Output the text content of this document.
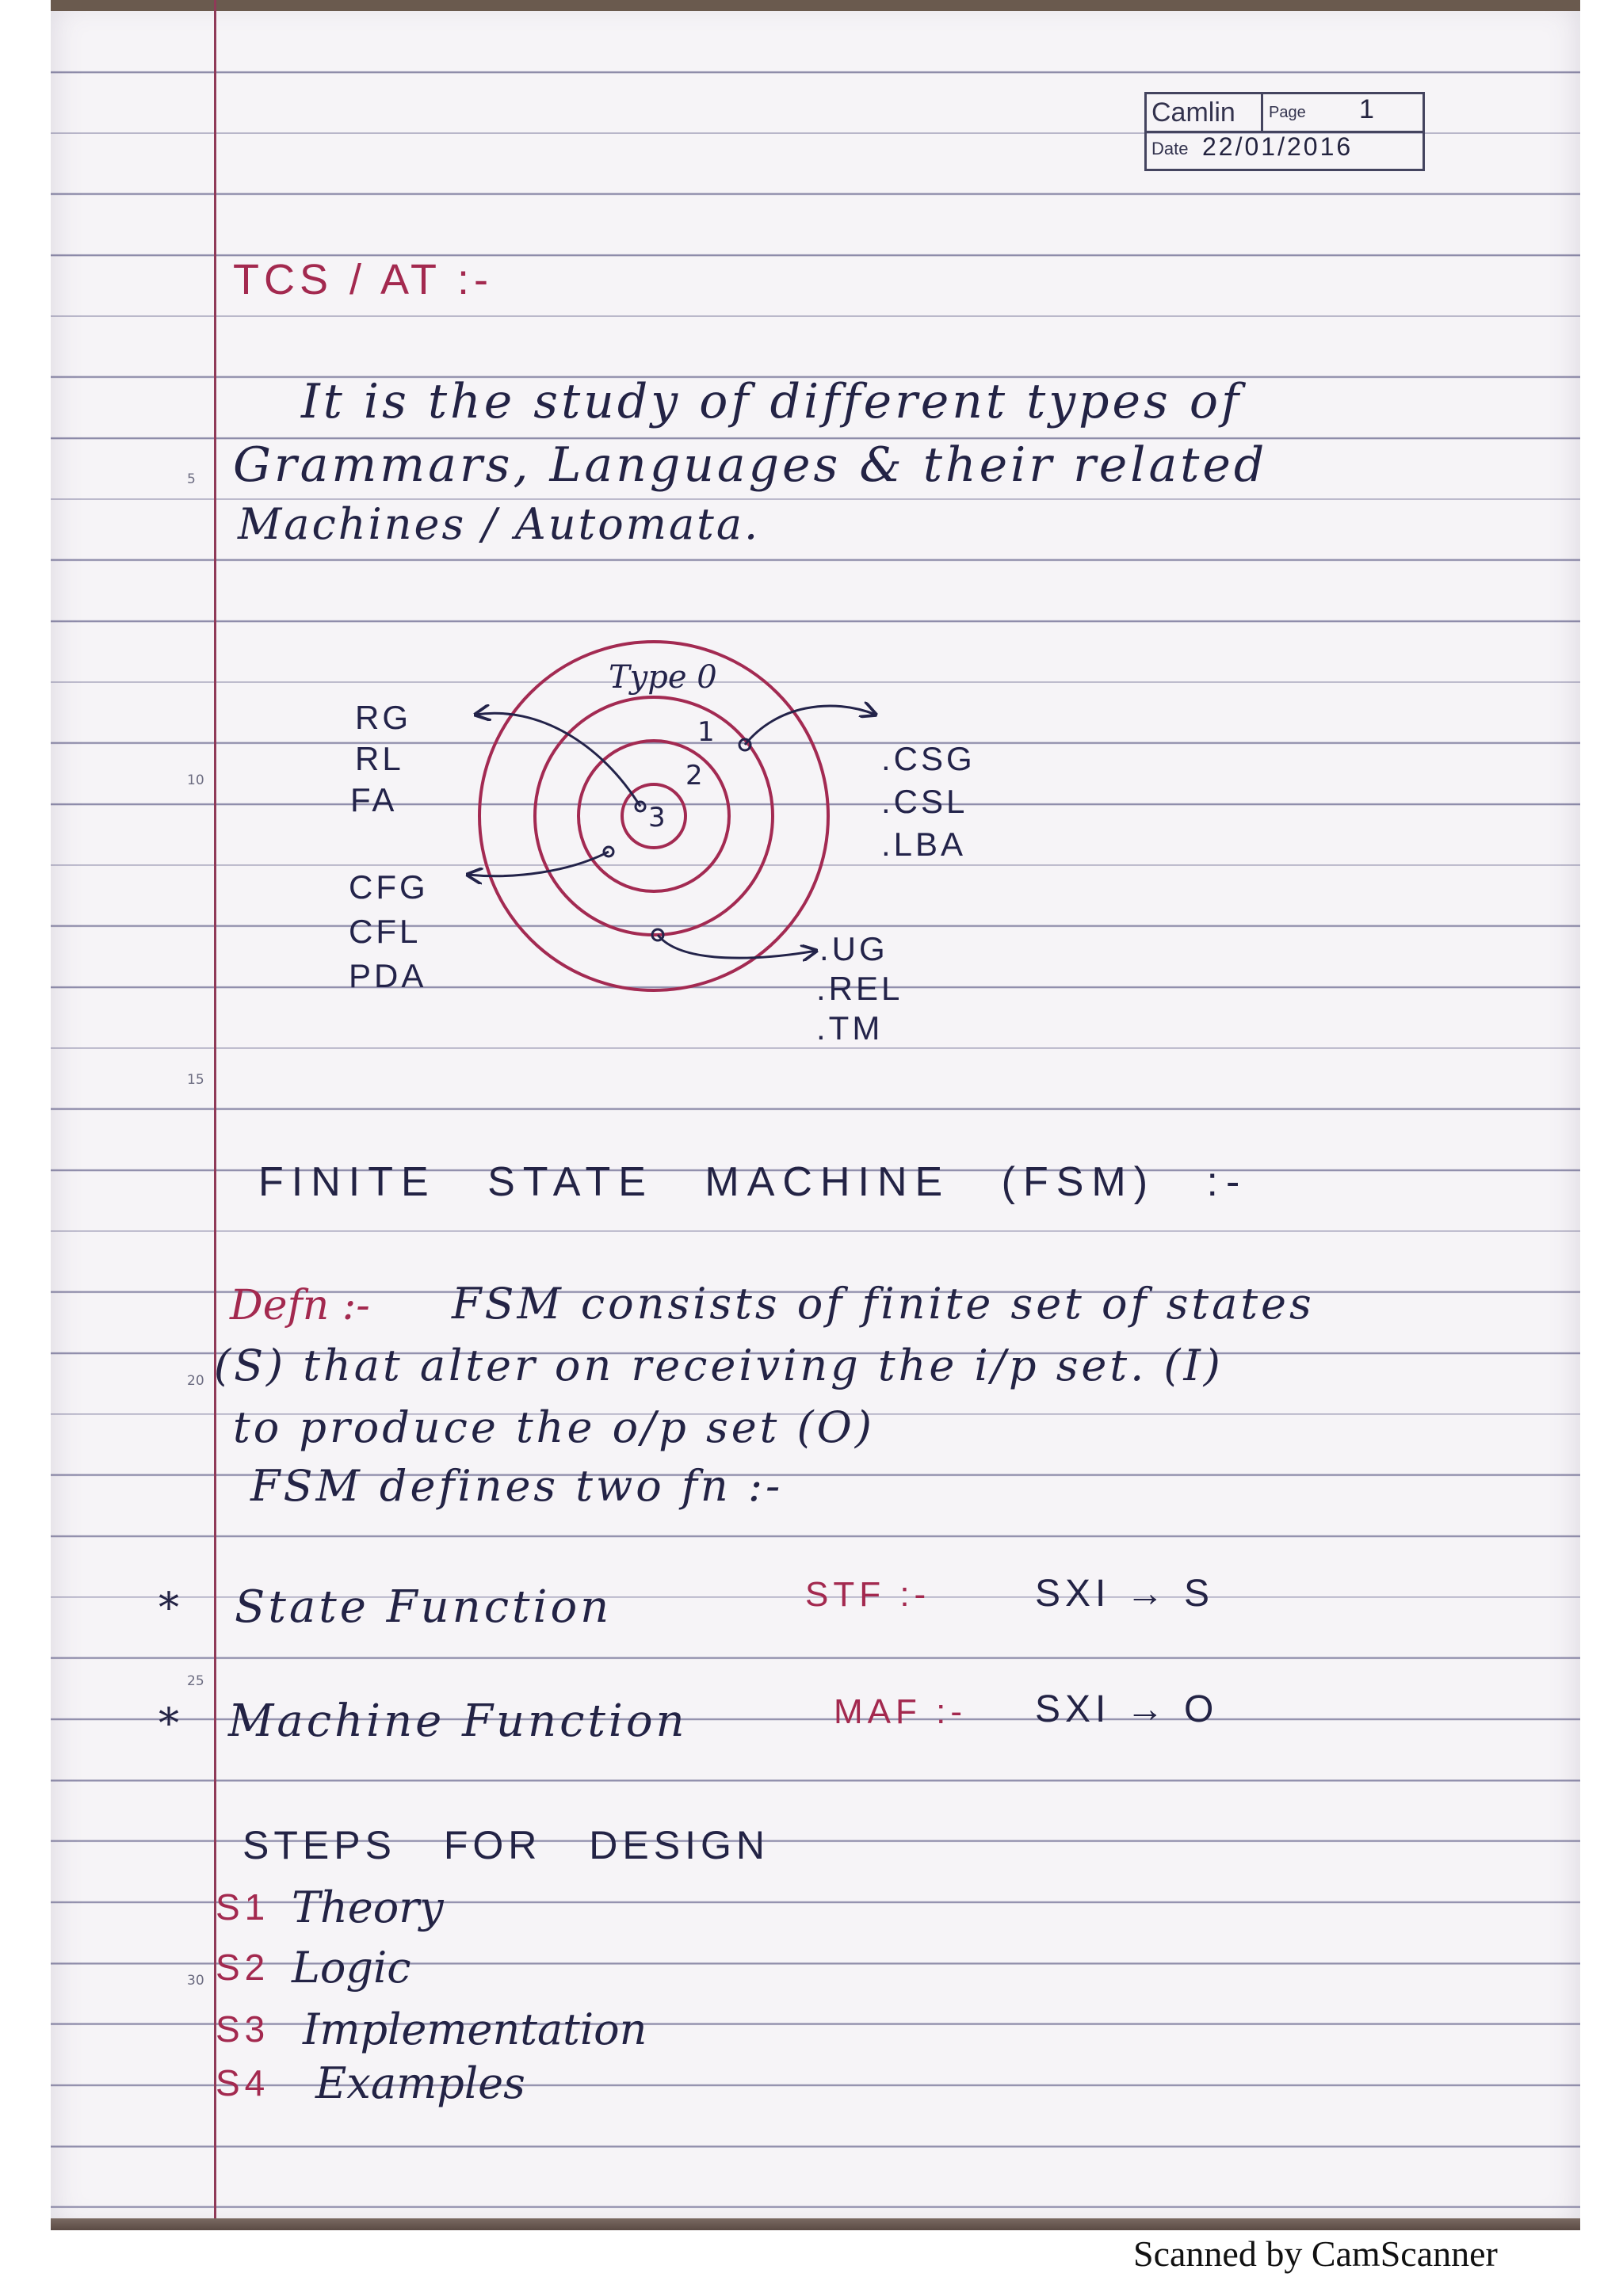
5
10
15
20
25
30
Camlin Page 1
Date 22/01/2016
TCS / AT :-
It is the study of different types of
Grammars, Languages & their related
Machines / Automata.
Type 0
1
2
3
RG
RL
FA
CFG
CFL
PDA
.CSG
.CSL
.LBA
.UG
.REL
.TM
FINITE STATE MACHINE (FSM) :-
Defn :- FSM consists of finite set of states
(S) that alter on receiving the i/p set. (I)
to produce the o/p set (O)
FSM defines two fn :-
* State Function	STF :-	SXI → S
* Machine Function	MAF :- SXI → O
STEPS FOR DESIGN
S1 Theory
S2 Logic
S3 Implementation
S4 Examples
Scanned by CamScanner
